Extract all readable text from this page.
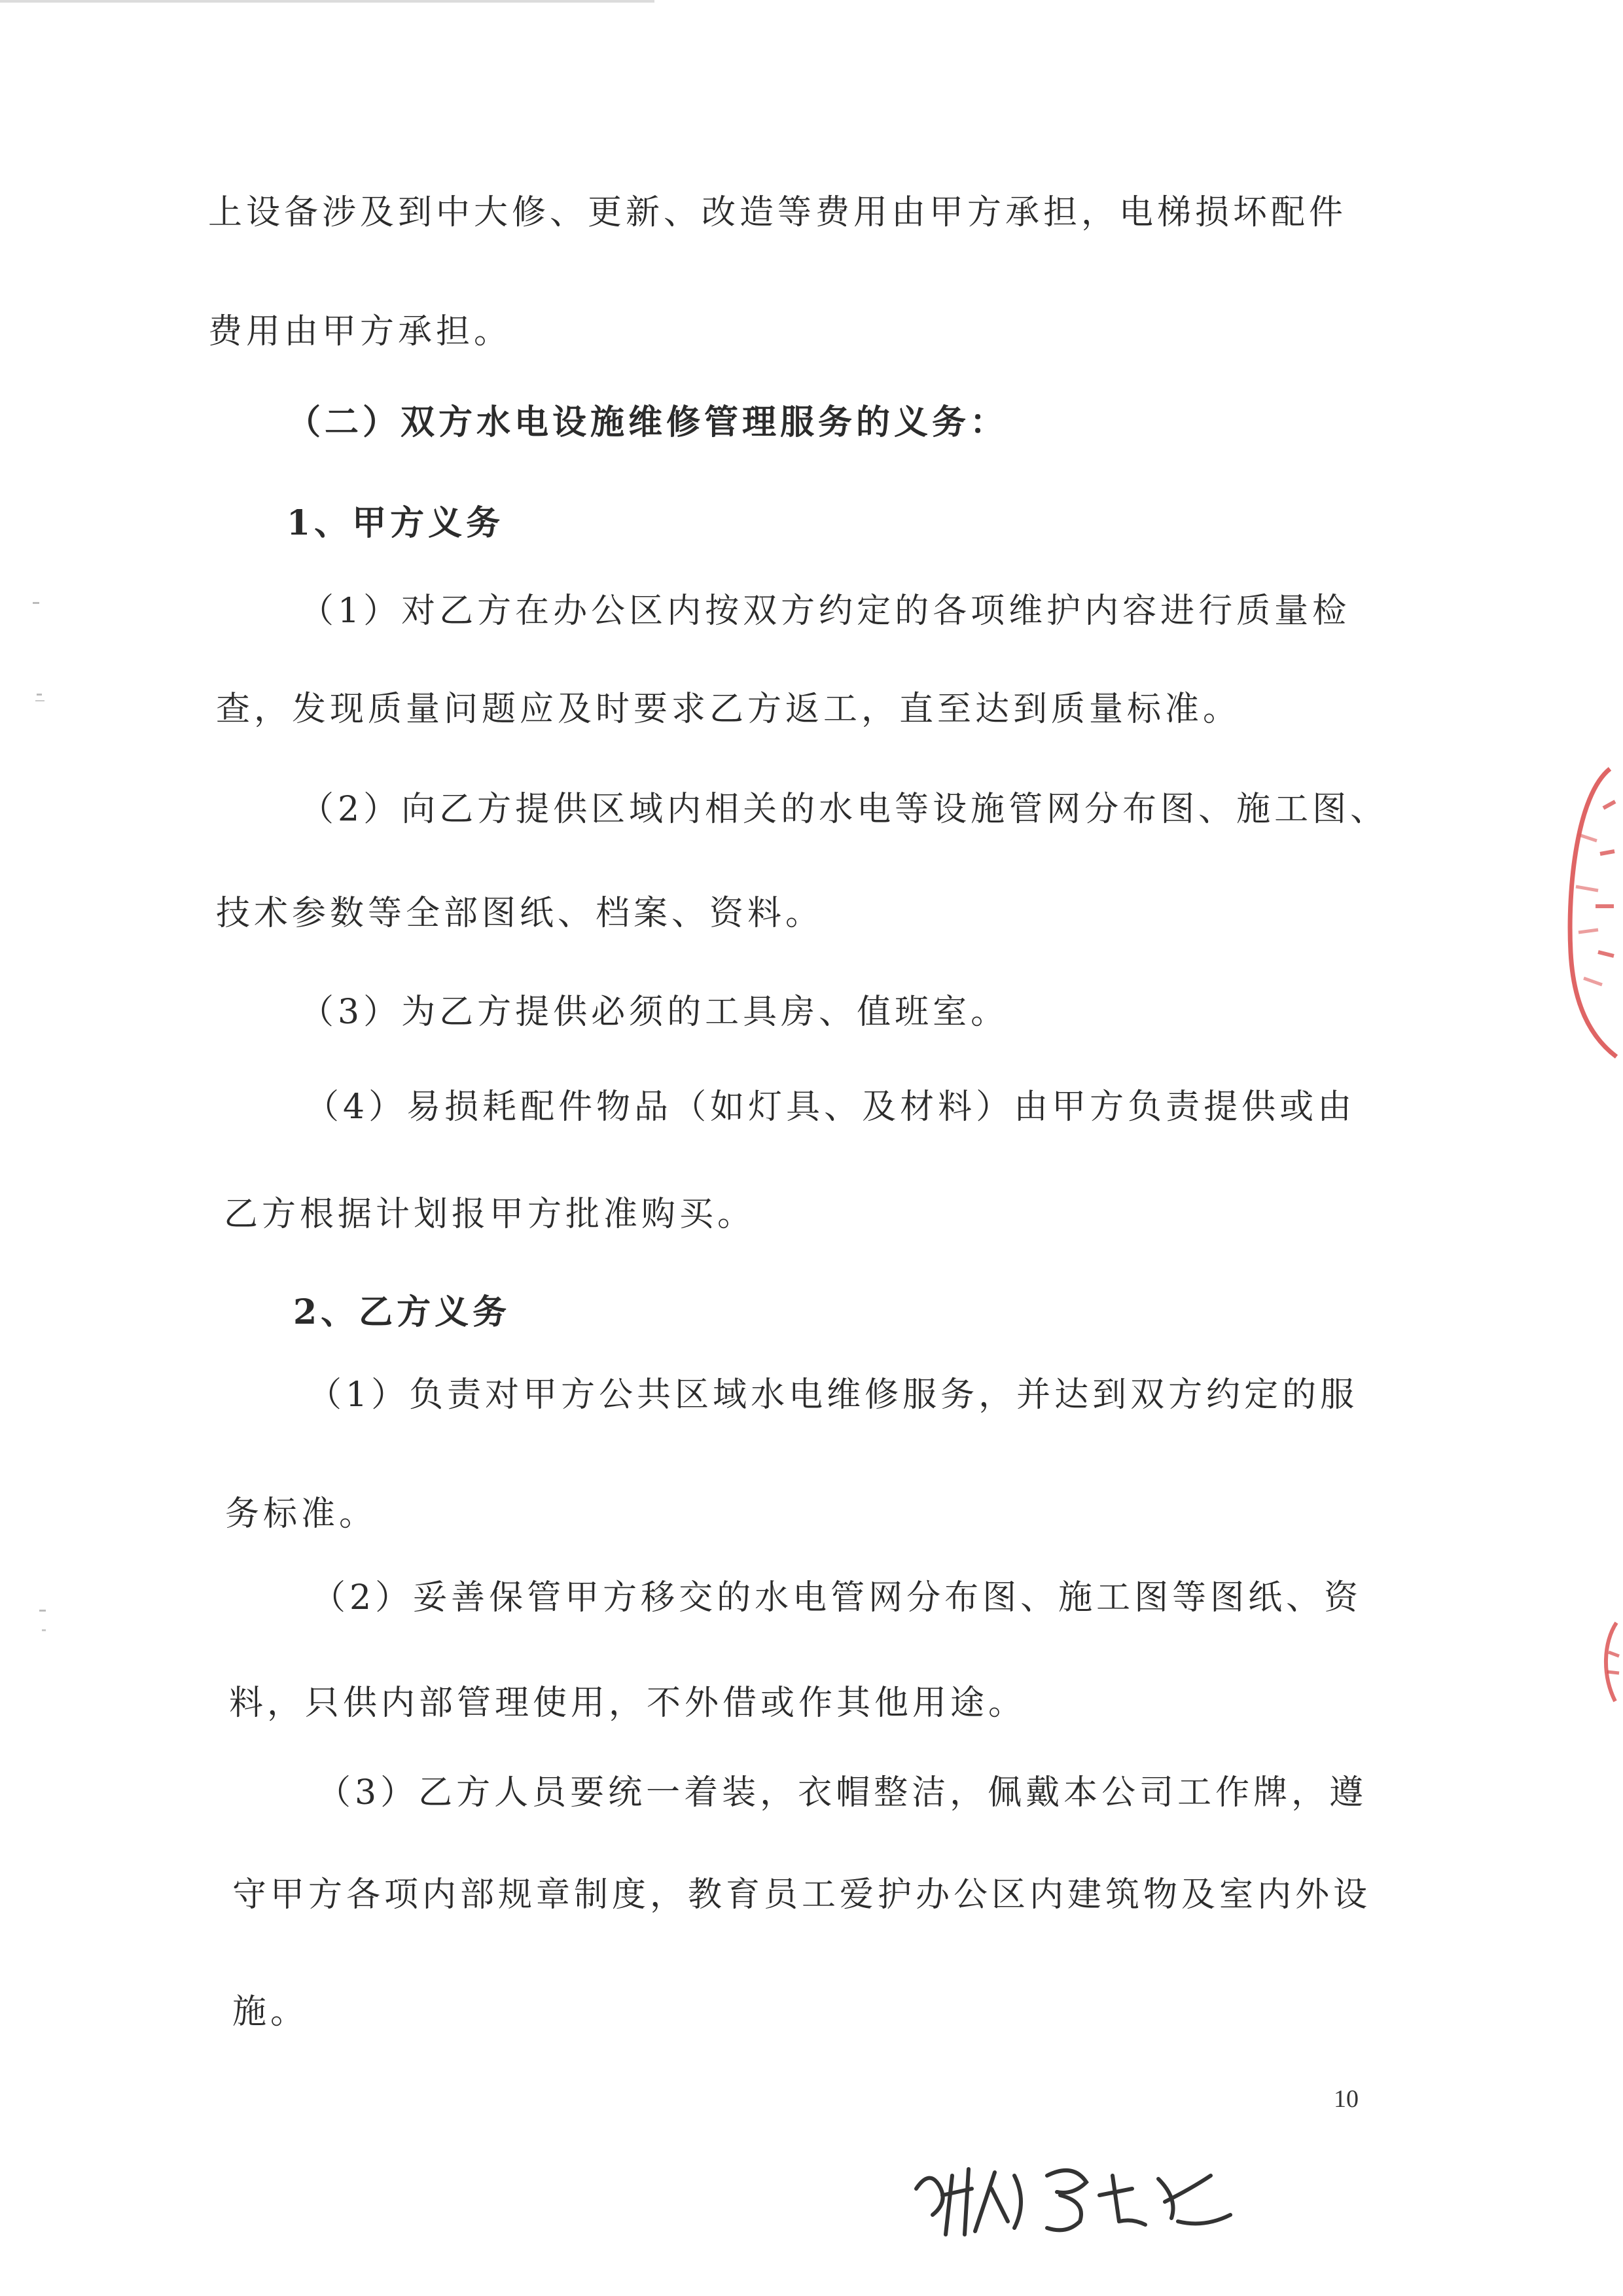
上设备涉及到中大修、更新、改造等费用由甲方承担，电梯损坏配件
费用由甲方承担。
（二）双方水电设施维修管理服务的义务：
1、甲方义务
（1）对乙方在办公区内按双方约定的各项维护内容进行质量检
查，发现质量问题应及时要求乙方返工，直至达到质量标准。
（2）向乙方提供区域内相关的水电等设施管网分布图、施工图、
技术参数等全部图纸、档案、资料。
（3）为乙方提供必须的工具房、值班室。
（4）易损耗配件物品（如灯具、及材料）由甲方负责提供或由
乙方根据计划报甲方批准购买。
2、乙方义务
（1）负责对甲方公共区域水电维修服务，并达到双方约定的服
务标准。
（2）妥善保管甲方移交的水电管网分布图、施工图等图纸、资
料，只供内部管理使用，不外借或作其他用途。
（3）乙方人员要统一着装，衣帽整洁，佩戴本公司工作牌，遵
守甲方各项内部规章制度，教育员工爱护办公区内建筑物及室内外设
施。
10
